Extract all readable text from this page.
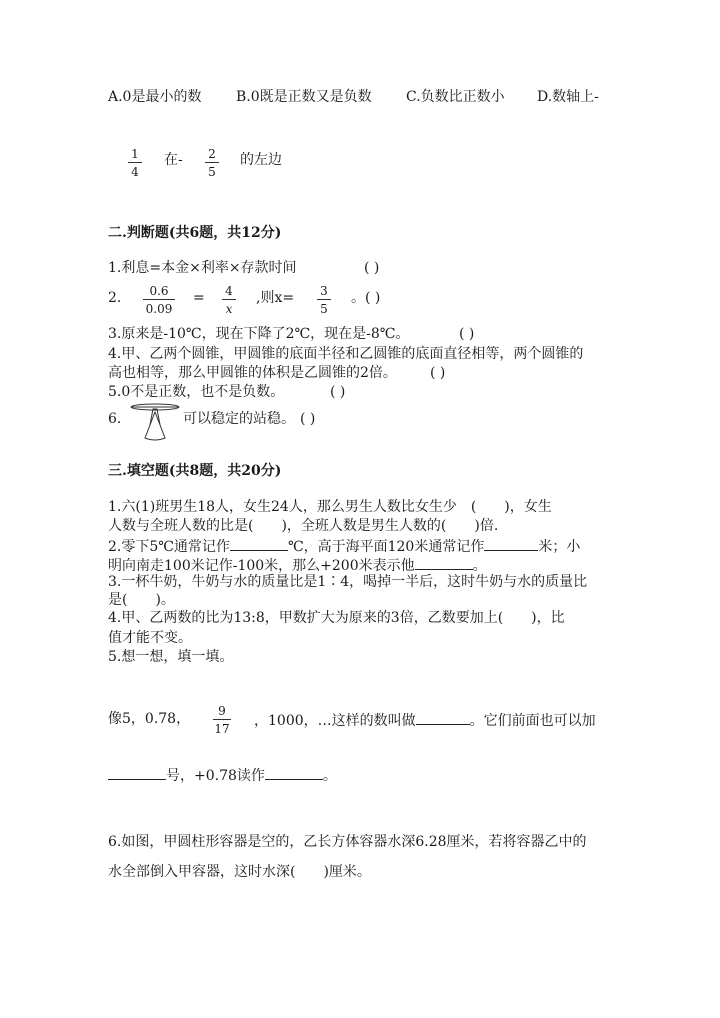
A.0是最小的数 B.0既是正数又是负数 C.负数比正数小 D.数轴上-
1
4
在- 2
5
的左边
二.判断题(共6题，共12分)
1.利息=本金×利率×存款时间	( )
2.	0.6
0.09
= 4
x
,则x= 3
5
。( )
3.原来是-10℃，现在下降了2℃，现在是-8℃。	( )
4.甲、乙两个圆锥，甲圆锥的底面半径和乙圆锥的底面直径相等，两个圆锥的
高也相等，那么甲圆锥的体积是乙圆锥的2倍。 ( )
5.0不是正数，也不是负数。	( )
6.	可以稳定的站稳。 ( )
三.填空题(共8题，共20分)
1.六(1)班男生18人，女生24人，那么男生人数比女生少　(　　)，女生
人数与全班人数的比是(　　)，全班人数是男生人数的(　　)倍.
2.零下5℃通常记作	℃，高于海平面120米通常记作	米；小
明向南走100米记作-100米，那么+200米表示他	。
3.一杯牛奶，牛奶与水的质量比是1∶4，喝掉一半后，这时牛奶与水的质量比
是(　　)。
4.甲、乙两数的比为13:8，甲数扩大为原来的3倍，乙数要加上(　　)，比
值才能不变。
5.想一想，填一填。
像5，0.78，	9
17 ，1000，…这样的数叫做	。它们前面也可以加
号，+0.78读作	。
6.如图，甲圆柱形容器是空的，乙长方体容器水深6.28厘米，若将容器乙中的
水全部倒入甲容器，这时水深(　　)厘米。
